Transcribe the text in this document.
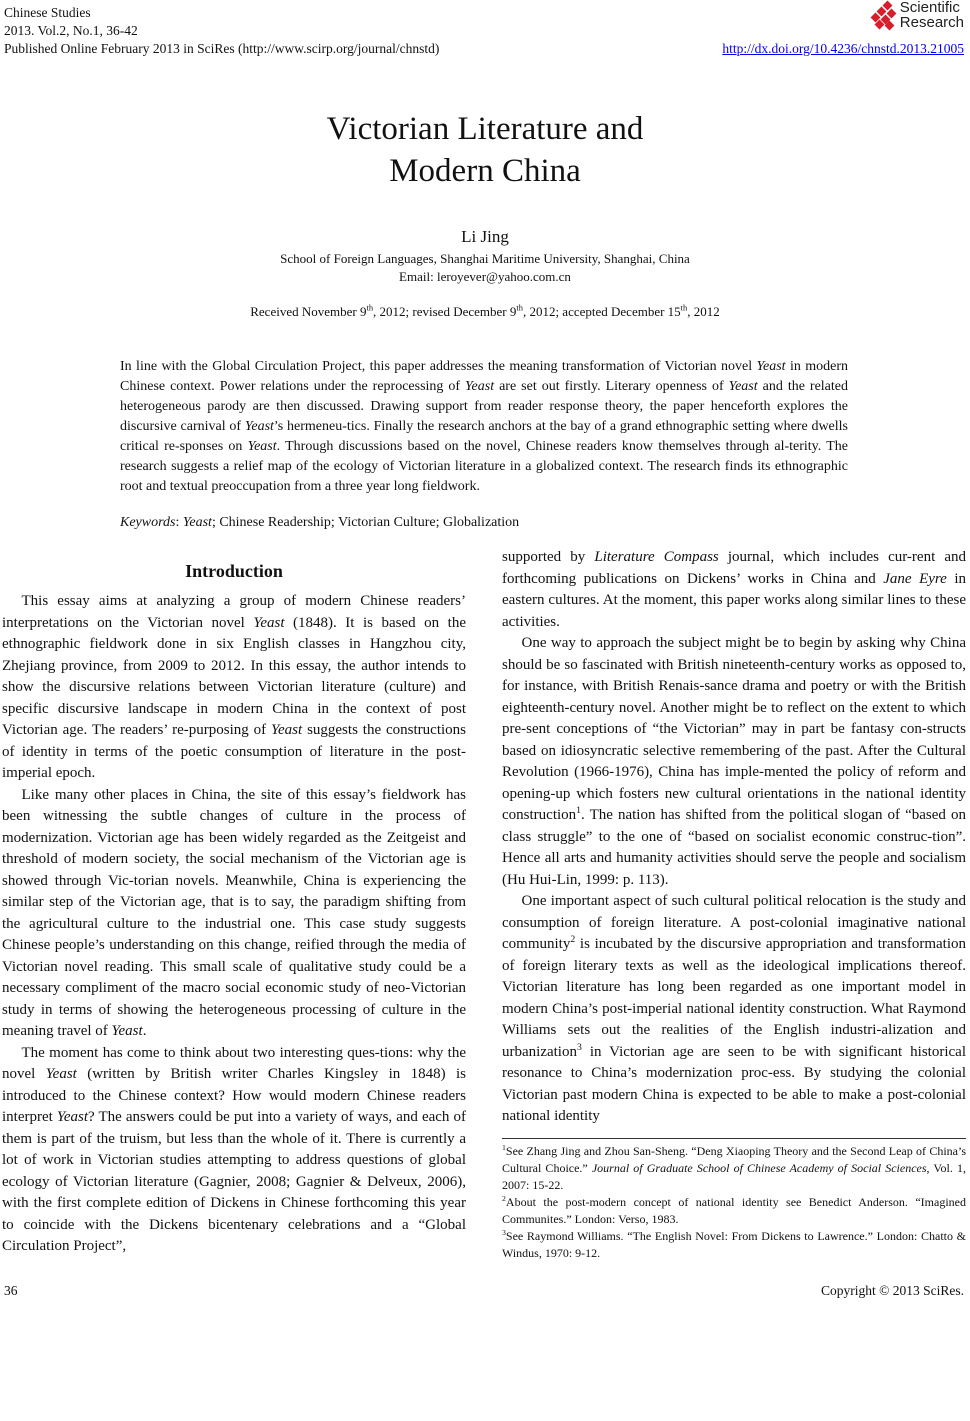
Chinese Studies
2013. Vol.2, No.1, 36-42
Published Online February 2013 in SciRes (http://www.scirp.org/journal/chnstd)
Scientific
Research
http://dx.doi.org/10.4236/chnstd.2013.21005
Victorian Literature and
Modern China
Li Jing
School of Foreign Languages, Shanghai Maritime University, Shanghai, China
Email: leroyever@yahoo.com.cn
Received November 9th, 2012; revised December 9th, 2012; accepted December 15th, 2012
In line with the Global Circulation Project, this paper addresses the meaning transformation of Victorian novel Yeast in modern Chinese context. Power relations under the reprocessing of Yeast are set out firstly. Literary openness of Yeast and the related heterogeneous parody are then discussed. Drawing support from reader response theory, the paper henceforth explores the discursive carnival of Yeast’s hermeneu-tics. Finally the research anchors at the bay of a grand ethnographic setting where dwells critical re-sponses on Yeast. Through discussions based on the novel, Chinese readers know themselves through al-terity. The research suggests a relief map of the ecology of Victorian literature in a globalized context. The research finds its ethnographic root and textual preoccupation from a three year long fieldwork.
Keywords: Yeast; Chinese Readership; Victorian Culture; Globalization

Introduction

This essay aims at analyzing a group of modern Chinese readers’ interpretations on the Victorian novel Yeast (1848). It is based on the ethnographic fieldwork done in six English classes in Hangzhou city, Zhejiang province, from 2009 to 2012. In this essay, the author intends to show the discursive relations between Victorian literature (culture) and specific discursive landscape in modern China in the context of post Victorian age. The readers’ re-purposing of Yeast suggests the constructions of identity in terms of the poetic consumption of literature in the post-imperial epoch.

Like many other places in China, the site of this essay’s fieldwork has been witnessing the subtle changes of culture in the process of modernization. Victorian age has been widely regarded as the Zeitgeist and threshold of modern society, the social mechanism of the Victorian age is showed through Vic-torian novels. Meanwhile, China is experiencing the similar step of the Victorian age, that is to say, the paradigm shifting from the agricultural culture to the industrial one. This case study suggests Chinese people’s understanding on this change, reified through the media of Victorian novel reading. This small scale of qualitative study could be a necessary compliment of the macro social economic study of neo-Victorian study in terms of showing the heterogeneous processing of culture in the meaning travel of Yeast.

The moment has come to think about two interesting ques-tions: why the novel Yeast (written by British writer Charles Kingsley in 1848) is introduced to the Chinese context? How would modern Chinese readers interpret Yeast? The answers could be put into a variety of ways, and each of them is part of the truism, but less than the whole of it. There is currently a lot of work in Victorian studies attempting to address questions of global ecology of Victorian literature (Gagnier, 2008; Gagnier & Delveux, 2006), with the first complete edition of Dickens in Chinese forthcoming this year to coincide with the Dickens bicentenary celebrations and a “Global Circulation Project”,

supported by Literature Compass journal, which includes cur-rent and forthcoming publications on Dickens’ works in China and Jane Eyre in eastern cultures. At the moment, this paper works along similar lines to these activities.

One way to approach the subject might be to begin by asking why China should be so fascinated with British nineteenth-century works as opposed to, for instance, with British Renais-sance drama and poetry or with the British eighteenth-century novel. Another might be to reflect on the extent to which pre-sent conceptions of “the Victorian” may in part be fantasy con-structs based on idiosyncratic selective remembering of the past. After the Cultural Revolution (1966-1976), China has imple-mented the policy of reform and opening-up which fosters new cultural orientations in the national identity construction$^1$. The nation has shifted from the political slogan of “based on class struggle” to the one of “based on socialist economic construc-tion”. Hence all arts and humanity activities should serve the people and socialism (Hu Hui-Lin, 1999: p. 113).

One important aspect of such cultural political relocation is the study and consumption of foreign literature. A post-colonial imaginative national community$^2$ is incubated by the discursive appropriation and transformation of foreign literary texts as well as the ideological implications thereof. Victorian literature has long been regarded as one important model in modern China’s post-imperial national identity construction. What Raymond Williams sets out the realities of the English industri-alization and urbanization$^3$ in Victorian age are seen to be with significant historical resonance to China’s modernization proc-ess. By studying the colonial Victorian past modern China is expected to be able to make a post-colonial national identity

$^1$See Zhang Jing and Zhou San-Sheng. “Deng Xiaoping Theory and the Second Leap of China’s Cultural Choice.” Journal of Graduate School of Chinese Academy of Social Sciences, Vol. 1, 2007: 15-22.
$^2$About the post-modern concept of national identity see Benedict Anderson. “Imagined Communites.” London: Verso, 1983.
$^3$See Raymond Williams. “The English Novel: From Dickens to Lawrence.” London: Chatto & Windus, 1970: 9-12.
36	Copyright © 2013 SciRes.
